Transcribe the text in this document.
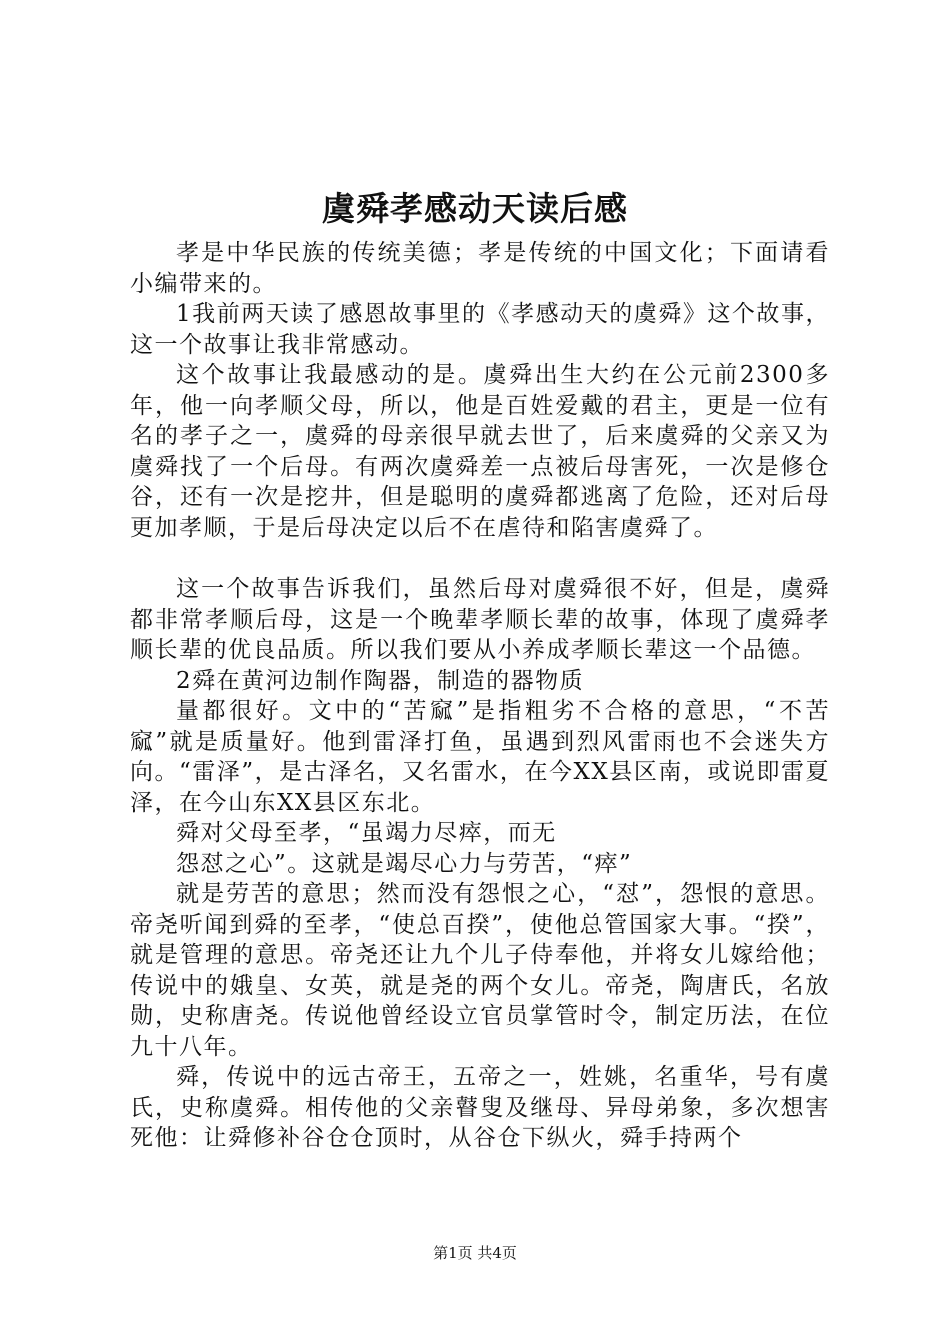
虞舜孝感动天读后感

孝是中华民族的传统美德；孝是传统的中国文化；下面请看小编带来的。

1我前两天读了感恩故事里的《孝感动天的虞舜》这个故事，这一个故事让我非常感动。

这个故事让我最感动的是。虞舜出生大约在公元前2300多年，他一向孝顺父母，所以，他是百姓爱戴的君主，更是一位有名的孝子之一，虞舜的母亲很早就去世了，后来虞舜的父亲又为虞舜找了一个后母。有两次虞舜差一点被后母害死，一次是修仓谷，还有一次是挖井，但是聪明的虞舜都逃离了危险，还对后母更加孝顺，于是后母决定以后不在虐待和陷害虞舜了。

这一个故事告诉我们，虽然后母对虞舜很不好，但是，虞舜都非常孝顺后母，这是一个晚辈孝顺长辈的故事，体现了虞舜孝顺长辈的优良品质。所以我们要从小养成孝顺长辈这一个品德。

2舜在黄河边制作陶器，制造的器物质

量都很好。文中的“苦窳”是指粗劣不合格的意思，“不苦窳”就是质量好。他到雷泽打鱼，虽遇到烈风雷雨也不会迷失方向。“雷泽”，是古泽名，又名雷水，在今XX县区南，或说即雷夏泽，在今山东XX县区东北。

舜对父母至孝，“虽竭力尽瘁，而无

怨怼之心”。这就是竭尽心力与劳苦，“瘁”

就是劳苦的意思；然而没有怨恨之心，“怼”，怨恨的意思。帝尧听闻到舜的至孝，“使总百揆”，使他总管国家大事。“揆”，就是管理的意思。帝尧还让九个儿子侍奉他，并将女儿嫁给他；传说中的娥皇、女英，就是尧的两个女儿。帝尧，陶唐氏，名放勋，史称唐尧。传说他曾经设立官员掌管时令，制定历法，在位九十八年。

舜，传说中的远古帝王，五帝之一，姓姚，名重华，号有虞氏，史称虞舜。相传他的父亲瞽叟及继母、异母弟象，多次想害死他：让舜修补谷仓仓顶时，从谷仓下纵火，舜手持两个

第1页 共4页
